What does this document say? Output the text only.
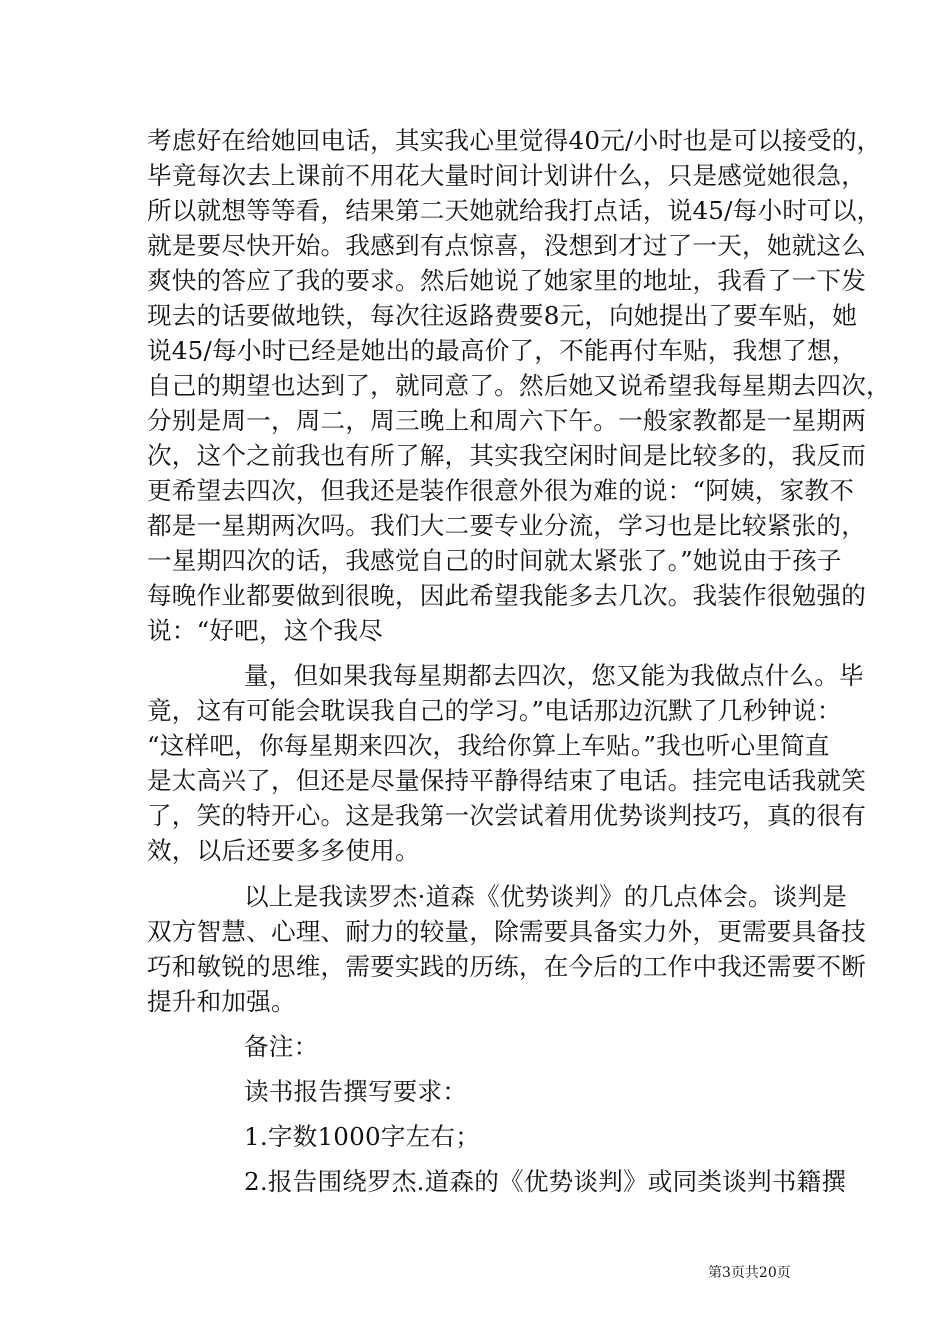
考虑好在给她回电话，其实我心里觉得40元/小时也是可以接受的，
毕竟每次去上课前不用花大量时间计划讲什么，只是感觉她很急，
所以就想等等看，结果第二天她就给我打点话，说45/每小时可以，
就是要尽快开始。我感到有点惊喜，没想到才过了一天，她就这么
爽快的答应了我的要求。然后她说了她家里的地址，我看了一下发
现去的话要做地铁，每次往返路费要8元，向她提出了要车贴，她
说45/每小时已经是她出的最高价了，不能再付车贴，我想了想，
自己的期望也达到了，就同意了。然后她又说希望我每星期去四次，
分别是周一，周二，周三晚上和周六下午。一般家教都是一星期两
次，这个之前我也有所了解，其实我空闲时间是比较多的，我反而
更希望去四次，但我还是装作很意外很为难的说：“阿姨，家教不
都是一星期两次吗。我们大二要专业分流，学习也是比较紧张的，
一星期四次的话，我感觉自己的时间就太紧张了。”她说由于孩子
每晚作业都要做到很晚，因此希望我能多去几次。我装作很勉强的
说：“好吧，这个我尽
量，但如果我每星期都去四次，您又能为我做点什么。毕
竟，这有可能会耽误我自己的学习。”电话那边沉默了几秒钟说：
“这样吧，你每星期来四次，我给你算上车贴。”我也听心里简直
是太高兴了，但还是尽量保持平静得结束了电话。挂完电话我就笑
了，笑的特开心。这是我第一次尝试着用优势谈判技巧，真的很有
效，以后还要多多使用。
以上是我读罗杰·道森《优势谈判》的几点体会。谈判是
双方智慧、心理、耐力的较量，除需要具备实力外，更需要具备技
巧和敏锐的思维，需要实践的历练，在今后的工作中我还需要不断
提升和加强。
备注：
读书报告撰写要求：
1.字数1000字左右；
2.报告围绕罗杰.道森的《优势谈判》或同类谈判书籍撰
第3页共20页
